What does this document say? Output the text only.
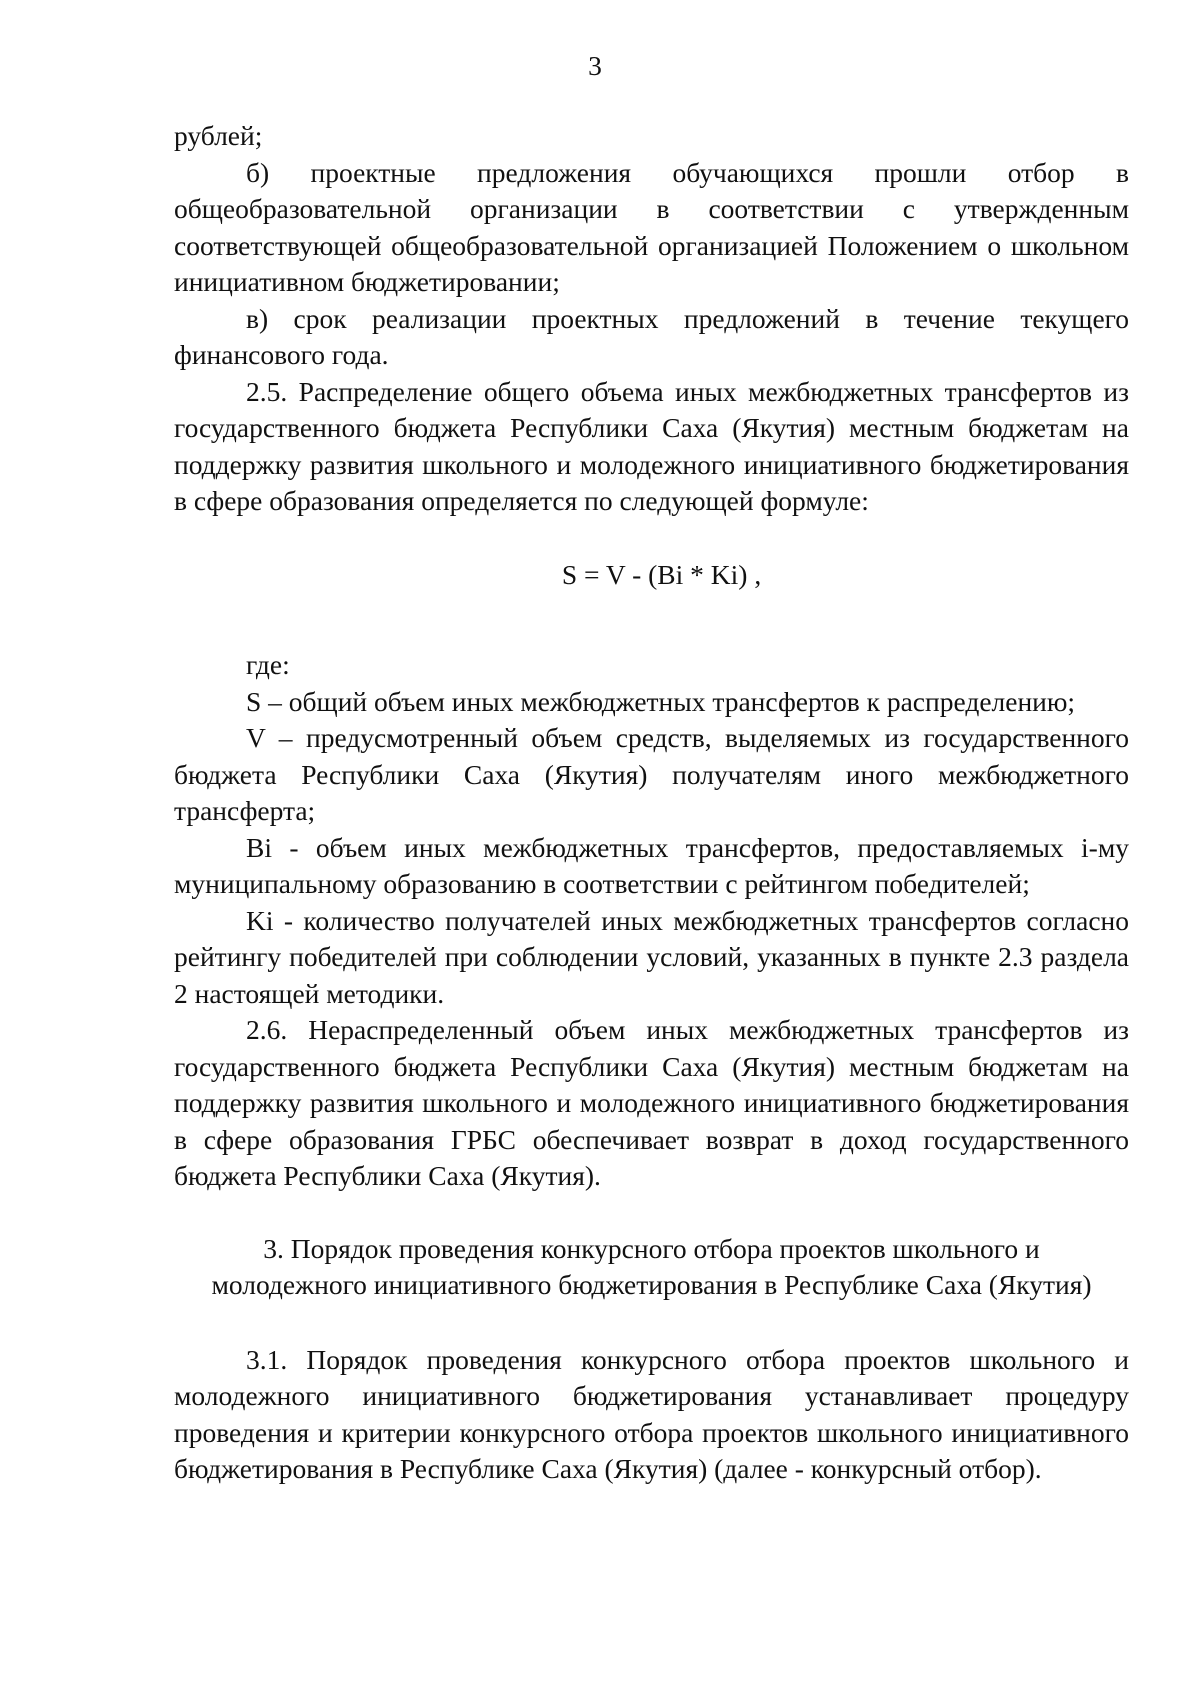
3

рублей;

б) проектные предложения обучающихся прошли отбор в общеобразовательной организации в соответствии с утвержденным соответствующей общеобразовательной организацией Положением о школьном инициативном бюджетировании;

в) срок реализации проектных предложений в течение текущего финансового года.

2.5. Распределение общего объема иных межбюджетных трансфертов из государственного бюджета Республики Саха (Якутия) местным бюджетам на поддержку развития школьного и молодежного инициативного бюджетирования в сфере образования определяется по следующей формуле:

S = V - (Bi * Ki) ,

где:

S – общий объем иных межбюджетных трансфертов к распределению;

V – предусмотренный объем средств, выделяемых из государственного бюджета Республики Саха (Якутия) получателям иного межбюджетного трансферта;

Bi - объем иных межбюджетных трансфертов, предоставляемых i-му муниципальному образованию в соответствии с рейтингом победителей;

Ki - количество получателей иных межбюджетных трансфертов согласно рейтингу победителей при соблюдении условий, указанных в пункте 2.3 раздела 2 настоящей методики.

2.6. Нераспределенный объем иных межбюджетных трансфертов из государственного бюджета Республики Саха (Якутия) местным бюджетам на поддержку развития школьного и молодежного инициативного бюджетирования в сфере образования ГРБС обеспечивает возврат в доход государственного бюджета Республики Саха (Якутия).

3. Порядок проведения конкурсного отбора проектов школьного и
молодежного инициативного бюджетирования в Республике Саха (Якутия)

3.1. Порядок проведения конкурсного отбора проектов школьного и молодежного инициативного бюджетирования устанавливает процедуру проведения и критерии конкурсного отбора проектов школьного инициативного бюджетирования в Республике Саха (Якутия) (далее - конкурсный отбор).
